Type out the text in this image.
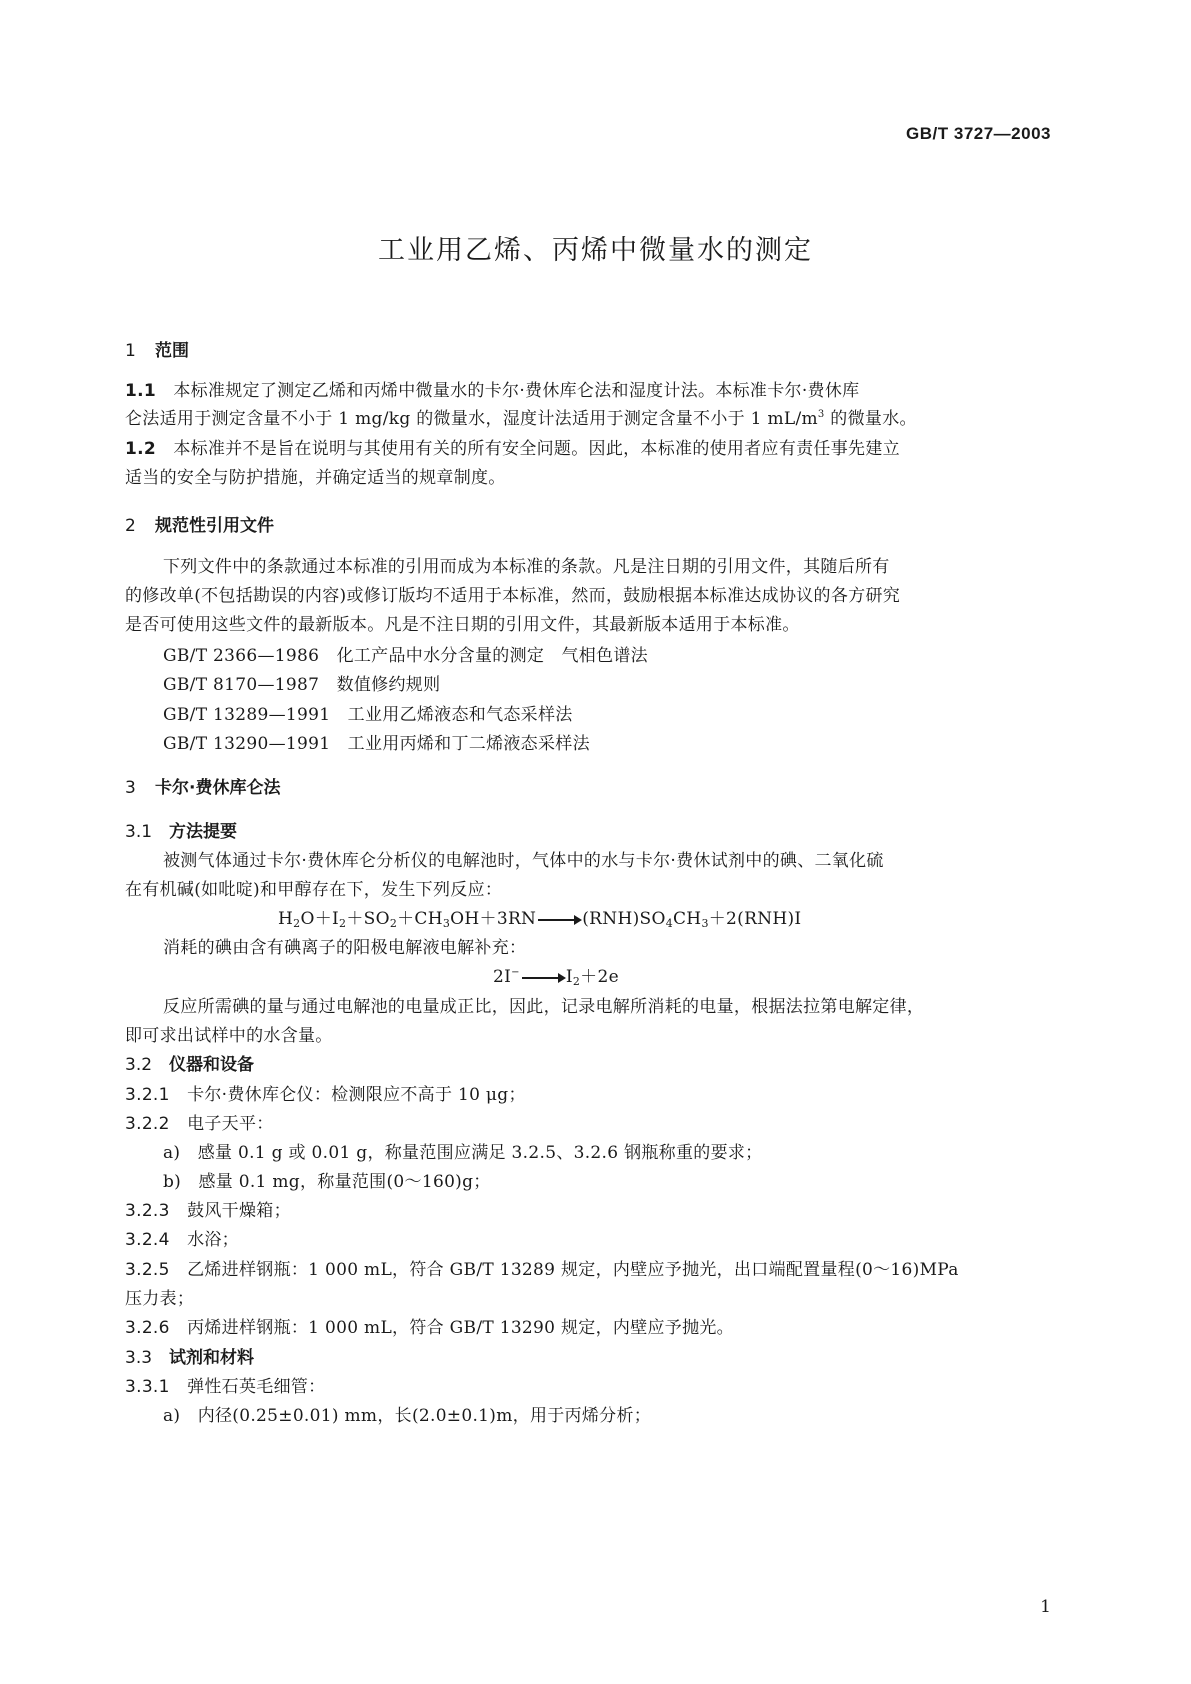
GB/T 3727—2003
工业用乙烯、丙烯中微量水的测定
1 范围
1.1　 本标准规定了测定乙烯和丙烯中微量水的卡尔·费休库仑法和湿度计法。本标准卡尔·费休库
仑法适用于测定含量不小于 1 mg/kg 的微量水，湿度计法适用于测定含量不小于 1 $mL/m^3$ 的微量水。
1.2　 本标准并不是旨在说明与其使用有关的所有安全问题。因此，本标准的使用者应有责任事先建立
适当的安全与防护措施，并确定适当的规章制度。
2 规范性引用文件
下列文件中的条款通过本标准的引用而成为本标准的条款。凡是注日期的引用文件，其随后所有
的修改单(不包括勘误的内容)或修订版均不适用于本标准，然而，鼓励根据本标准达成协议的各方研究
是否可使用这些文件的最新版本。凡是不注日期的引用文件，其最新版本适用于本标准。
GB/T 2366—1986　化工产品中水分含量的测定　气相色谱法
GB/T 8170—1987　数值修约规则
GB/T 13289—1991　工业用乙烯液态和气态采样法
GB/T 13290—1991　工业用丙烯和丁二烯液态采样法
3 卡尔·费休库仑法
3.1　 方法提要
被测气体通过卡尔·费休库仑分析仪的电解池时，气体中的水与卡尔·费休试剂中的碘、二氧化硫
在有机碱(如吡啶)和甲醇存在下，发生下列反应：
$H_2O+I_2+SO_2+CH_3OH+3RN \to (RNH)SO_4CH_3+2(RNH)I$
消耗的碘由含有碘离子的阳极电解液电解补充：
$2I^- \to I_2+2e$
反应所需碘的量与通过电解池的电量成正比，因此，记录电解所消耗的电量，根据法拉第电解定律，
即可求出试样中的水含量。
3.2　 仪器和设备
3.2.1　 卡尔·费休库仑仪：检测限应不高于 10 μg；
3.2.2　 电子天平：
a)　 感量 0.1 g 或 0.01 g，称量范围应满足 3.2.5、3.2.6 钢瓶称重的要求；
b)　 感量 0.1 mg，称量范围(0～160)g；
3.2.3　 鼓风干燥箱；
3.2.4　 水浴；
3.2.5　 乙烯进样钢瓶：1 000 mL，符合 GB/T 13289 规定，内壁应予抛光，出口端配置量程(0～16)MPa
压力表；
3.2.6　 丙烯进样钢瓶：1 000 mL，符合 GB/T 13290 规定，内壁应予抛光。
3.3　 试剂和材料
3.3.1　 弹性石英毛细管：
a)　 内径(0.25±0.01) mm，长(2.0±0.1)m，用于丙烯分析；
1
